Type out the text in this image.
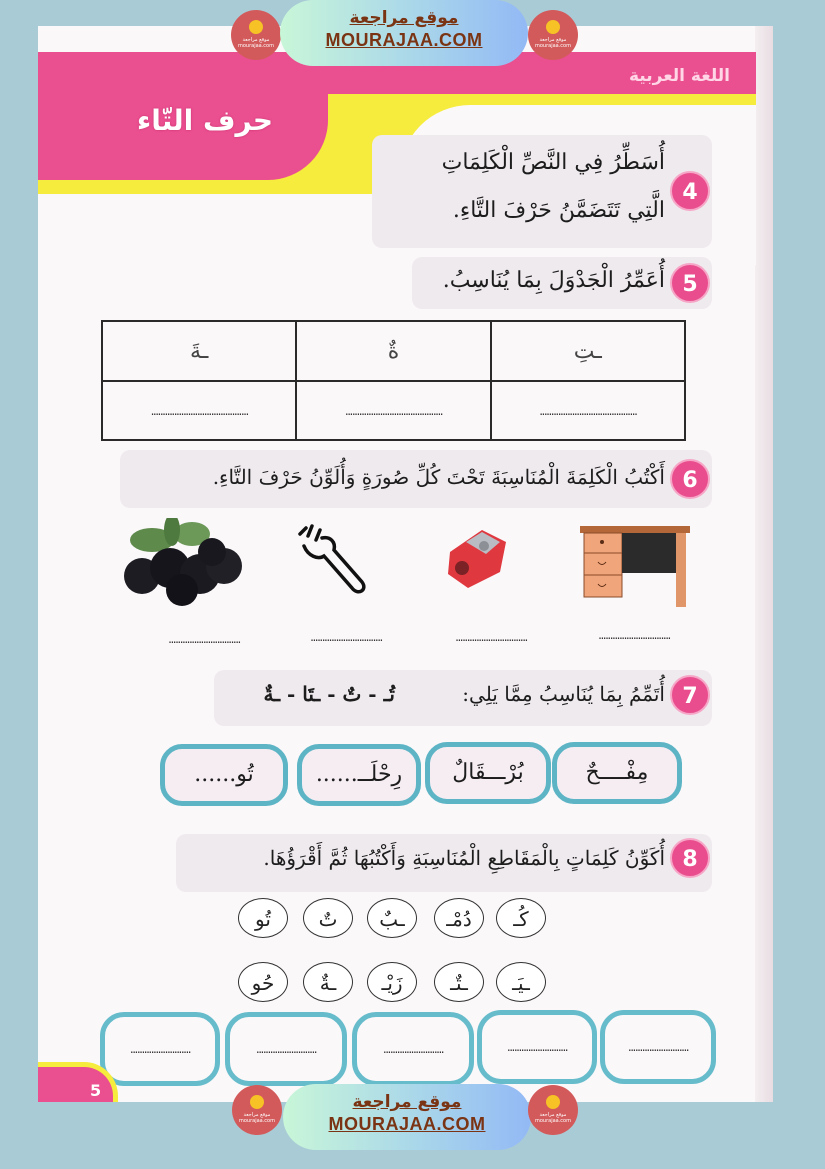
اللغة العربية
حرف التّاء
موقع مراجعة mourajaa.com
موقع مراجعة
MOURAJAA.COM	موقع مراجعة mourajaa.com
4
أُسَطِّرُ فِي النَّصِّ الْكَلِمَاتِ
الَّتِي تَتَضَمَّنُ حَرْفَ التَّاءِ.
5
أُعَمِّرُ الْجَدْوَلَ بِمَا يُنَاسِبُ.
ـتِ	ةٌ	ـةَ

..........................................	..........................................	..........................................
6
أَكْتُبُ الْكَلِمَةَ الْمُنَاسِبَةَ تَحْتَ كُلِّ صُورَةٍ وَأُلَوِّنُ حَرْفَ التَّاءِ.
...............................
...............................
...............................
...............................
7
أُتَمِّمُ بِمَا يُنَاسِبُ مِمَّا يَلِي:
تُـ - تٌ - ـتَا - ـةٌ
مِفْــــحٌ
بُرْـــقَالٌ
رِحْلَــ......
تُو......
8
أُكَوِّنُ كَلِمَاتٍ بِالْمَقَاطِعِ الْمُنَاسِبَةِ وَأَكْتُبُهَا ثُمَّ أَقْرَؤُهَا.
كُـ
دُمْـ
ـبٌ
تٌ
تُو
ـيَـ
ـتٌـ
زَيْـ
ـةٌ
حُو
..........................
..........................
..........................
..........................
..........................
5
موقع مراجعة mourajaa.com
موقع مراجعة
MOURAJAA.COM	موقع مراجعة mourajaa.com
